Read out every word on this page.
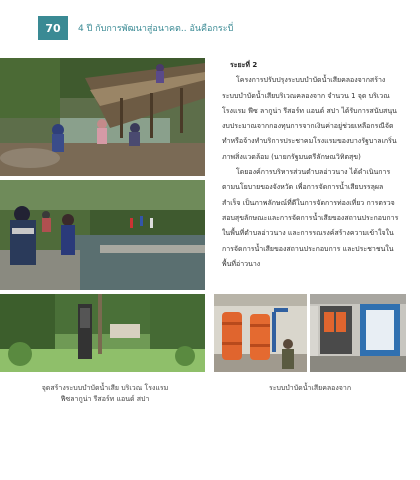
70	4 ปี กับการพัฒนาสู่อนาคต.. อันคือกระบี่
ระยะที่ 2
โครงการปรับปรุงระบบบำบัดน้ำเสียคลองจากสร้างระบบบำบัดน้ำเสียบริเวณคลองจาก จำนวน 1 จุด บริเวณโรงแรม ฟีซ ลากูน่า รีสอร์ท แอนด์ สปา ได้รับการสนับสนุนงบประมาณจากกองทุนการจากเงินค่าอยู่ช่วยเหลือกรณีจัดทำหรือจ้างทำบริการประชาคมโรงแรมของบางรัฐบาลเกริ่นภาพสิ่งแวดล้อม (นายกรัฐมนตรีลักษณวิทิตสุข)
โดยองค์การบริหารส่วนตำบลอ่าวนาง ได้ดำเนินการตามนโยบายของจังหวัด เพื่อการจัดการน้ำเสียบรรลุผลสำเร็จ เป็นภาพลักษณ์ที่ดีในการจัดการท่องเที่ยว การตรวจสอบสุขลักษณะและการจัดการน้ำเสียของสถานประกอบการในพื้นที่ตำบลอ่าวนาง และการรณรงค์สร้างความเข้าใจในการจัดการน้ำเสียของสถานประกอบการ และประชาชนในพื้นที่อ่าวนาง
จุดสร้างระบบบำบัดน้ำเสีย บริเวณ โรงแรมฟีซลากูน่า รีสอร์ท แอนด์ สปา
ระบบบำบัดน้ำเสียคลองจาก
